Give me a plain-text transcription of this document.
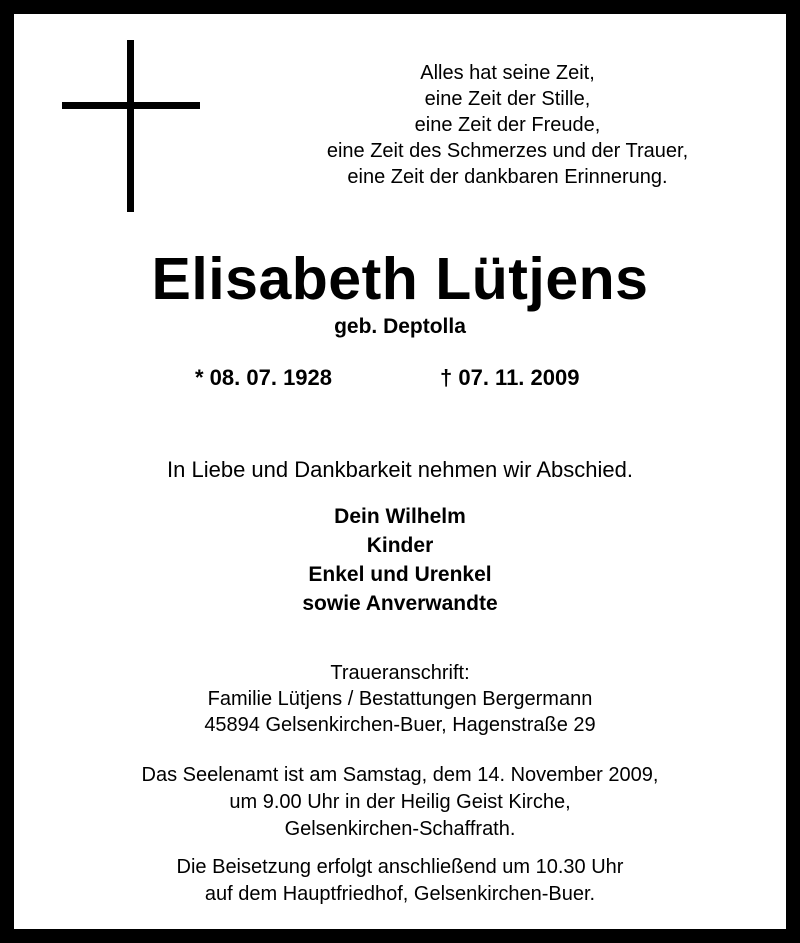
Alles hat seine Zeit,
eine Zeit der Stille,
eine Zeit der Freude,
eine Zeit des Schmerzes und der Trauer,
eine Zeit der dankbaren Erinnerung.
Elisabeth Lütjens
geb. Deptolla
* 08. 07. 1928	† 07. 11. 2009
In Liebe und Dankbarkeit nehmen wir Abschied.
Dein Wilhelm
Kinder
Enkel und Urenkel
sowie Anverwandte
Traueranschrift:
Familie Lütjens / Bestattungen Bergermann
45894 Gelsenkirchen-Buer, Hagenstraße 29
Das Seelenamt ist am Samstag, dem 14. November 2009,
um 9.00 Uhr in der Heilig Geist Kirche,
Gelsenkirchen-Schaffrath.
Die Beisetzung erfolgt anschließend um 10.30 Uhr
auf dem Hauptfriedhof, Gelsenkirchen-Buer.
